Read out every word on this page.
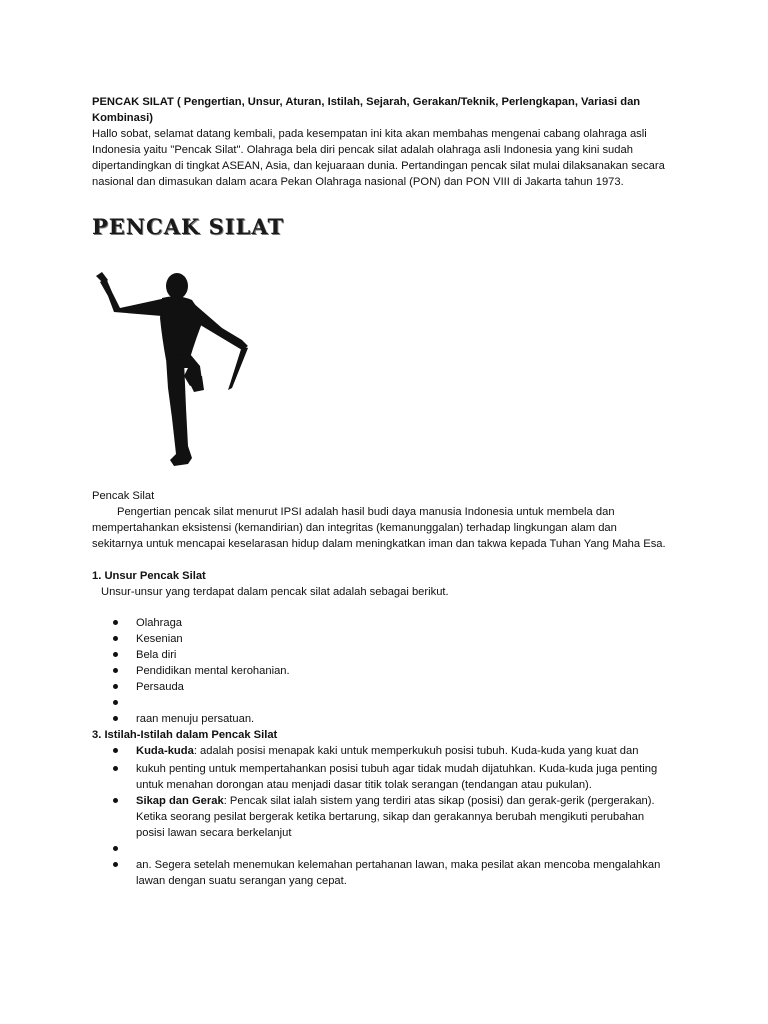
PENCAK SILAT ( Pengertian, Unsur, Aturan, Istilah, Sejarah, Gerakan/Teknik, Perlengkapan, Variasi dan
Kombinasi)
Hallo sobat, selamat datang kembali, pada kesempatan ini kita akan membahas mengenai cabang olahraga asli
Indonesia yaitu "Pencak Silat". Olahraga bela diri pencak silat adalah olahraga asli Indonesia yang kini sudah
dipertandingkan di tingkat ASEAN, Asia, dan kejuaraan dunia. Pertandingan pencak silat mulai dilaksanakan secara
nasional dan dimasukan dalam acara Pekan Olahraga nasional (PON) dan PON VIII di Jakarta tahun 1973.
PENCAK SILAT
Pencak Silat
Pengertian pencak silat menurut IPSI adalah hasil budi daya manusia Indonesia untuk membela dan
mempertahankan eksistensi (kemandirian) dan integritas (kemanunggalan) terhadap lingkungan alam dan
sekitarnya untuk mencapai keselarasan hidup dalam meningkatkan iman dan takwa kepada Tuhan Yang Maha Esa.
1. Unsur Pencak Silat
Unsur-unsur yang terdapat dalam pencak silat adalah sebagai berikut.
Olahraga
Kesenian
Bela diri
Pendidikan mental kerohanian.
Persauda
raan menuju persatuan.
3. Istilah-Istilah dalam Pencak Silat
Kuda-kuda: adalah posisi menapak kaki untuk memperkukuh posisi tubuh. Kuda-kuda yang kuat dan
kukuh penting untuk mempertahankan posisi tubuh agar tidak mudah dijatuhkan. Kuda-kuda juga penting
untuk menahan dorongan atau menjadi dasar titik tolak serangan (tendangan atau pukulan).
Sikap dan Gerak: Pencak silat ialah sistem yang terdiri atas sikap (posisi) dan gerak-gerik (pergerakan).
Ketika seorang pesilat bergerak ketika bertarung, sikap dan gerakannya berubah mengikuti perubahan
posisi lawan secara berkelanjut
an. Segera setelah menemukan kelemahan pertahanan lawan, maka pesilat akan mencoba mengalahkan
lawan dengan suatu serangan yang cepat.
